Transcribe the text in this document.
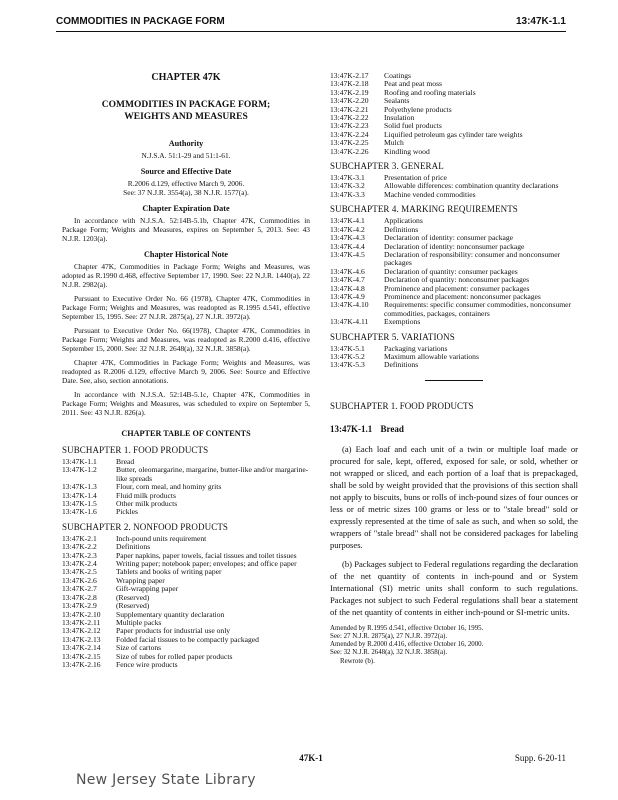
COMMODITIES IN PACKAGE FORM	13:47K-1.1
CHAPTER 47K
COMMODITIES IN PACKAGE FORM;
WEIGHTS AND MEASURES
Authority
N.J.S.A. 51:1-29 and 51:1-61.
Source and Effective Date
R.2006 d.129, effective March 9, 2006.
See: 37 N.J.R. 3554(a), 38 N.J.R. 1577(a).
Chapter Expiration Date
In accordance with N.J.S.A. 52:14B-5.1b, Chapter 47K, Commodities in Package Form; Weights and Measures, expires on September 5, 2013. See: 43 N.J.R. 1203(a).
Chapter Historical Note
Chapter 47K, Commodities in Package Form; Weighs and Measures, was adopted as R.1990 d.468, effective September 17, 1990. See: 22 N.J.R. 1440(a), 22 N.J.R. 2982(a).
Pursuant to Executive Order No. 66 (1978), Chapter 47K, Commodities in Package Form; Weights and Measures, was readopted as R.1995 d.541, effective September 15, 1995. See: 27 N.J.R. 2875(a), 27 N.J.R. 3972(a).
Pursuant to Executive Order No. 66(1978), Chapter 47K, Commodities in Package Form; Weights and Measures, was readopted as R.2000 d.416, effective September 15, 2000. See: 32 N.J.R. 2648(a), 32 N.J.R. 3858(a).
Chapter 47K, Commodities in Package Form; Weights and Measures, was readopted as R.2006 d.129, effective March 9, 2006. See: Source and Effective Date. See, also, section annotations.
In accordance with N.J.S.A. 52:14B-5.1c, Chapter 47K, Commodities in Package Form; Weights and Measures, was scheduled to expire on September 5, 2011. See: 43 N.J.R. 826(a).
CHAPTER TABLE OF CONTENTS
SUBCHAPTER 1. FOOD PRODUCTS
13:47K-1.1	Bread
13:47K-1.2	Butter, oleomargarine, margarine, butter-like and/or margarine-like spreads
13:47K-1.3	Flour, corn meal, and hominy grits
13:47K-1.4	Fluid milk products
13:47K-1.5	Other milk products
13:47K-1.6	Pickles
SUBCHAPTER 2. NONFOOD PRODUCTS
13:47K-2.1	Inch-pound units requirement
13:47K-2.2	Definitions
13:47K-2.3	Paper napkins, paper towels, facial tissues and toilet tissues
13:47K-2.4	Writing paper; notebook paper; envelopes; and office paper
13:47K-2.5	Tablets and books of writing paper
13:47K-2.6	Wrapping paper
13:47K-2.7	Gift-wrapping paper
13:47K-2.8	(Reserved)
13:47K-2.9	(Reserved)
13:47K-2.10	Supplementary quantity declaration
13:47K-2.11	Multiple packs
13:47K-2.12	Paper products for industrial use only
13:47K-2.13	Folded facial tissues to be compactly packaged
13:47K-2.14	Size of cartons
13:47K-2.15	Size of tubes for rolled paper products
13:47K-2.16	Fence wire products
13:47K-2.17	Coatings
13:47K-2.18	Peat and peat moss
13:47K-2.19	Roofing and roofing materials
13:47K-2.20	Sealants
13:47K-2.21	Polyethylene products
13:47K-2.22	Insulation
13:47K-2.23	Solid fuel products
13:47K-2.24	Liquified petroleum gas cylinder tare weights
13:47K-2.25	Mulch
13:47K-2.26	Kindling wood
SUBCHAPTER 3. GENERAL
13:47K-3.1	Presentation of price
13:47K-3.2	Allowable differences: combination quantity declarations
13:47K-3.3	Machine vended commodities
SUBCHAPTER 4. MARKING REQUIREMENTS
13:47K-4.1	Applications
13:47K-4.2	Definitions
13:47K-4.3	Declaration of identity: consumer package
13:47K-4.4	Declaration of identity: nonconsumer package
13:47K-4.5	Declaration of responsibility: consumer and nonconsumer packages
13:47K-4.6	Declaration of quantity: consumer packages
13:47K-4.7	Declaration of quantity: nonconsumer packages
13:47K-4.8	Prominence and placement: consumer packages
13:47K-4.9	Prominence and placement: nonconsumer packages
13:47K-4.10	Requirements: specific consumer commodities, nonconsumer commodities, packages, containers
13:47K-4.11	Exemptions
SUBCHAPTER 5. VARIATIONS
13:47K-5.1	Packaging variations
13:47K-5.2	Maximum allowable variations
13:47K-5.3	Definitions
SUBCHAPTER 1. FOOD PRODUCTS
13:47K-1.1 Bread
(a) Each loaf and each unit of a twin or multiple loaf made or procured for sale, kept, offered, exposed for sale, or sold, whether or not wrapped or sliced, and each portion of a loaf that is prepackaged, shall be sold by weight provided that the provisions of this section shall not apply to biscuits, buns or rolls of inch-pound sizes of four ounces or less or of metric sizes 100 grams or less or to "stale bread" sold or expressly represented at the time of sale as such, and when so sold, the wrappers of "stale bread" shall not be considered packages for labeling purposes.
(b) Packages subject to Federal regulations regarding the declaration of the net quantity of contents in inch-pound and or System International (SI) metric units shall conform to such regulations. Packages not subject to such Federal regulations shall bear a statement of the net quantity of contents in either inch-pound or SI-metric units.
Amended by R.1995 d.541, effective October 16, 1995.
See: 27 N.J.R. 2875(a), 27 N.J.R. 3972(a).
Amended by R.2000 d.416, effective October 16, 2000.
See: 32 N.J.R. 2648(a), 32 N.J.R. 3858(a).
Rewrote (b).
47K-1	Supp. 6-20-11
New Jersey State Library
